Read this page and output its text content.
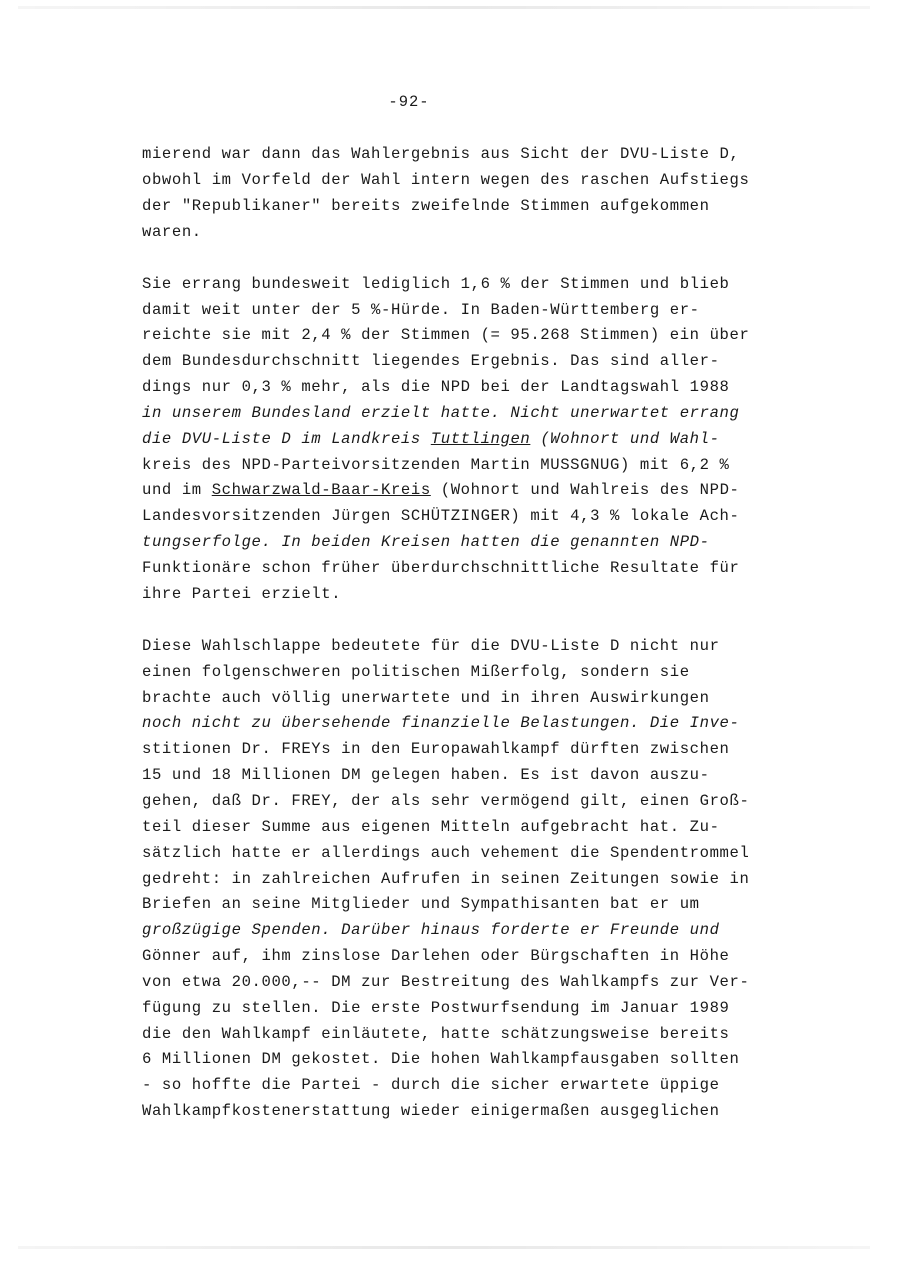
-92-
mierend war dann das Wahlergebnis aus Sicht der DVU-Liste D,
obwohl im Vorfeld der Wahl intern wegen des raschen Aufstiegs
der "Republikaner" bereits zweifelnde Stimmen aufgekommen
waren.
Sie errang bundesweit lediglich 1,6 % der Stimmen und blieb
damit weit unter der 5 %-Hürde. In Baden-Württemberg er-
reichte sie mit 2,4 % der Stimmen (= 95.268 Stimmen) ein über
dem Bundesdurchschnitt liegendes Ergebnis. Das sind aller-
dings nur 0,3 % mehr, als die NPD bei der Landtagswahl 1988
in unserem Bundesland erzielt hatte. Nicht unerwartet errang
die DVU-Liste D im Landkreis Tuttlingen (Wohnort und Wahl-
kreis des NPD-Parteivorsitzenden Martin MUSSGNUG) mit 6,2 %
und im Schwarzwald-Baar-Kreis (Wohnort und Wahlreis des NPD-
Landesvorsitzenden Jürgen SCHÜTZINGER) mit 4,3 % lokale Ach-
tungserfolge. In beiden Kreisen hatten die genannten NPD-
Funktionäre schon früher überdurchschnittliche Resultate für
ihre Partei erzielt.
Diese Wahlschlappe bedeutete für die DVU-Liste D nicht nur
einen folgenschweren politischen Mißerfolg, sondern sie
brachte auch völlig unerwartete und in ihren Auswirkungen
noch nicht zu übersehende finanzielle Belastungen. Die Inve-
stitionen Dr. FREYs in den Europawahlkampf dürften zwischen
15 und 18 Millionen DM gelegen haben. Es ist davon auszu-
gehen, daß Dr. FREY, der als sehr vermögend gilt, einen Groß-
teil dieser Summe aus eigenen Mitteln aufgebracht hat. Zu-
sätzlich hatte er allerdings auch vehement die Spendentrommel
gedreht: in zahlreichen Aufrufen in seinen Zeitungen sowie in
Briefen an seine Mitglieder und Sympathisanten bat er um
großzügige Spenden. Darüber hinaus forderte er Freunde und
Gönner auf, ihm zinslose Darlehen oder Bürgschaften in Höhe
von etwa 20.000,-- DM zur Bestreitung des Wahlkampfs zur Ver-
fügung zu stellen. Die erste Postwurfsendung im Januar 1989
die den Wahlkampf einläutete, hatte schätzungsweise bereits
6 Millionen DM gekostet. Die hohen Wahlkampfausgaben sollten
- so hoffte die Partei - durch die sicher erwartete üppige
Wahlkampfkostenerstattung wieder einigermaßen ausgeglichen
